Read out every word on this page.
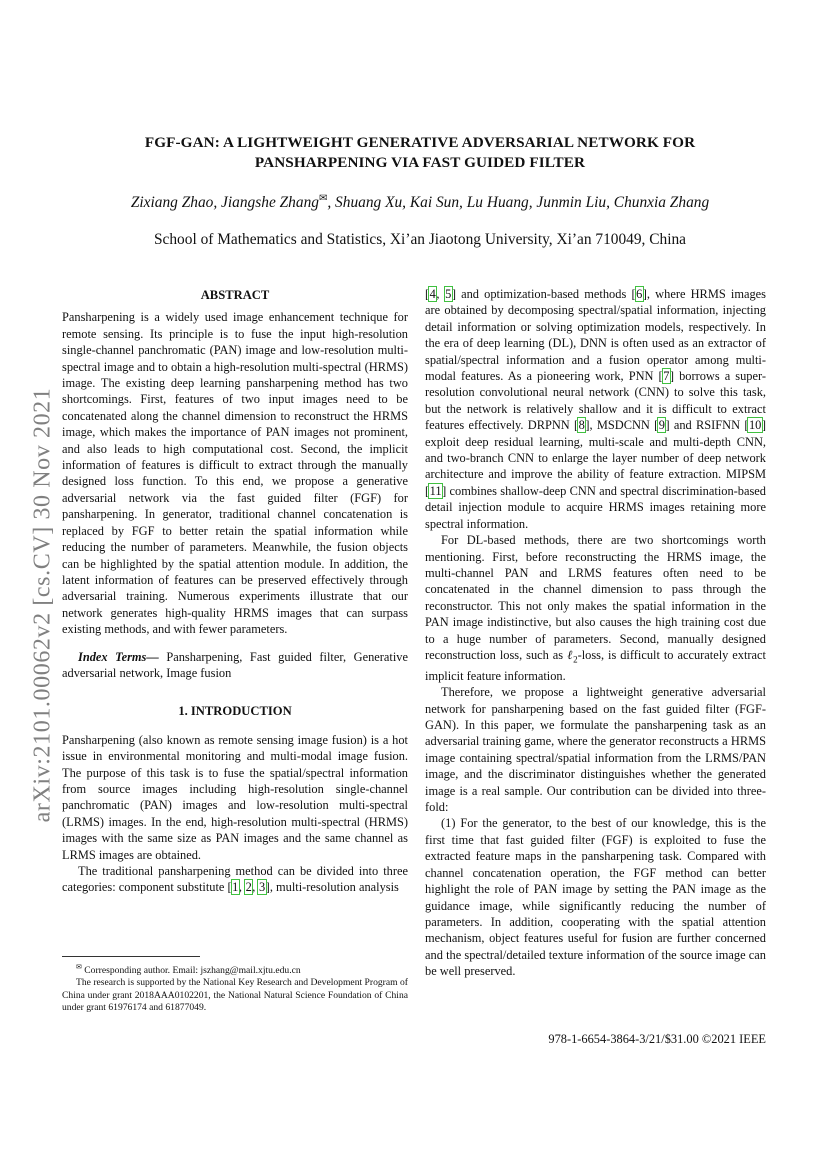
arXiv:2101.00062v2 [cs.CV] 30 Nov 2021
FGF-GAN: A LIGHTWEIGHT GENERATIVE ADVERSARIAL NETWORK FOR
PANSHARPENING VIA FAST GUIDED FILTER
Zixiang Zhao, Jiangshe Zhang✉, Shuang Xu, Kai Sun, Lu Huang, Junmin Liu, Chunxia Zhang
School of Mathematics and Statistics, Xi’an Jiaotong University, Xi’an 710049, China
ABSTRACT

Pansharpening is a widely used image enhancement technique for remote sensing. Its principle is to fuse the input high-resolution single-channel panchromatic (PAN) image and low-resolution multi-spectral image and to obtain a high-resolution multi-spectral (HRMS) image. The existing deep learning pansharpening method has two shortcomings. First, features of two input images need to be concatenated along the channel dimension to reconstruct the HRMS image, which makes the importance of PAN images not prominent, and also leads to high computational cost. Second, the implicit information of features is difficult to extract through the manually designed loss function. To this end, we propose a generative adversarial network via the fast guided filter (FGF) for pansharpening. In generator, traditional channel concatenation is replaced by FGF to better retain the spatial information while reducing the number of parameters. Meanwhile, the fusion objects can be highlighted by the spatial attention module. In addition, the latent information of features can be preserved effectively through adversarial training. Numerous experiments illustrate that our network generates high-quality HRMS images that can surpass existing methods, and with fewer parameters.

Index Terms— Pansharpening, Fast guided filter, Generative adversarial network, Image fusion

1. INTRODUCTION

Pansharpening (also known as remote sensing image fusion) is a hot issue in environmental monitoring and multi-modal image fusion. The purpose of this task is to fuse the spatial/spectral information from source images including high-resolution single-channel panchromatic (PAN) images and low-resolution multi-spectral (LRMS) images. In the end, high-resolution multi-spectral (HRMS) images with the same size as PAN images and the same channel as LRMS images are obtained.

The traditional pansharpening method can be divided into three categories: component substitute [1, 2, 3], multi-resolution analysis

✉ Corresponding author. Email: jszhang@mail.xjtu.edu.cn

The research is supported by the National Key Research and Development Program of China under grant 2018AAA0102201, the National Natural Science Foundation of China under grant 61976174 and 61877049.

[4, 5] and optimization-based methods [6], where HRMS images are obtained by decomposing spectral/spatial information, injecting detail information or solving optimization models, respectively. In the era of deep learning (DL), DNN is often used as an extractor of spatial/spectral information and a fusion operator among multi-modal features. As a pioneering work, PNN [7] borrows a super-resolution convolutional neural network (CNN) to solve this task, but the network is relatively shallow and it is difficult to extract features effectively. DRPNN [8], MSDCNN [9] and RSIFNN [10] exploit deep residual learning, multi-scale and multi-depth CNN, and two-branch CNN to enlarge the layer number of deep network architecture and improve the ability of feature extraction. MIPSM [11] combines shallow-deep CNN and spectral discrimination-based detail injection module to acquire HRMS images retaining more spectral information.

For DL-based methods, there are two shortcomings worth mentioning. First, before reconstructing the HRMS image, the multi-channel PAN and LRMS features often need to be concatenated in the channel dimension to pass through the reconstructor. This not only makes the spatial information in the PAN image indistinctive, but also causes the high training cost due to a huge number of parameters. Second, manually designed reconstruction loss, such as ℓ$_2$-loss, is difficult to accurately extract implicit feature information.

Therefore, we propose a lightweight generative adversarial network for pansharpening based on the fast guided filter (FGF-GAN). In this paper, we formulate the pansharpening task as an adversarial training game, where the generator reconstructs a HRMS image containing spectral/spatial information from the LRMS/PAN image, and the discriminator distinguishes whether the generated image is a real sample. Our contribution can be divided into three-fold:

(1) For the generator, to the best of our knowledge, this is the first time that fast guided filter (FGF) is exploited to fuse the extracted feature maps in the pansharpening task. Compared with channel concatenation operation, the FGF method can better highlight the role of PAN image by setting the PAN image as the guidance image, while significantly reducing the number of parameters. In addition, cooperating with the spatial attention mechanism, object features useful for fusion are further concerned and the spectral/detailed texture information of the source image can be well preserved.

978-1-6654-3864-3/21/$31.00 ©2021 IEEE
